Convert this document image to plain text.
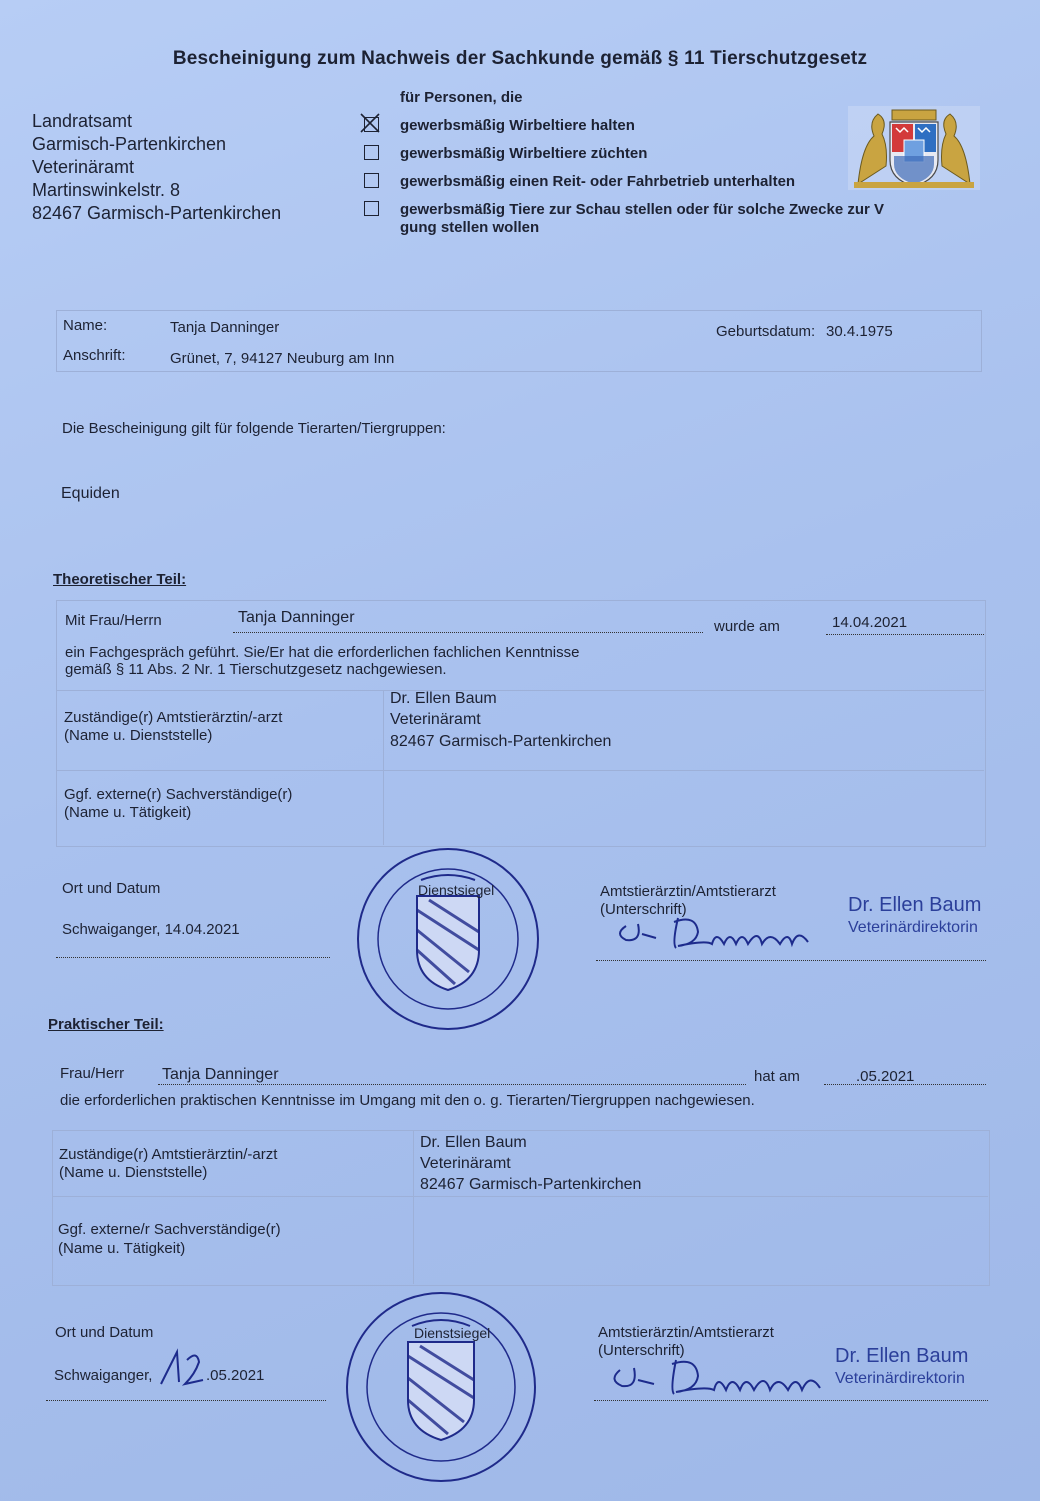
Bescheinigung zum Nachweis der Sachkunde gemäß § 11 Tierschutzgesetz
Landratsamt
Garmisch-Partenkirchen
Veterinäramt
Martinswinkelstr. 8
82467 Garmisch-Partenkirchen
für Personen, die
gewerbsmäßig Wirbeltiere halten
gewerbsmäßig Wirbeltiere züchten
gewerbsmäßig einen Reit- oder Fahrbetrieb unterhalten
gewerbsmäßig Tiere zur Schau stellen oder für solche Zwecke zur V
gung stellen wollen
Name:	Tanja Danninger	Geburtsdatum: 30.4.1975
Anschrift:	Grünet, 7, 94127 Neuburg am Inn
Die Bescheinigung gilt für folgende Tierarten/Tiergruppen:
Equiden
Theoretischer Teil:
Mit Frau/Herrn	Tanja Danninger
wurde am	14.04.2021
ein Fachgespräch geführt. Sie/Er hat die erforderlichen fachlichen Kenntnisse
gemäß § 11 Abs. 2 Nr. 1 Tierschutzgesetz nachgewiesen.
Zuständige(r) Amtstierärztin/-arzt
(Name u. Dienststelle)
Dr. Ellen Baum
Veterinäramt
82467 Garmisch-Partenkirchen
Ggf. externe(r) Sachverständige(r)
(Name u. Tätigkeit)
Ort und Datum
Schwaiganger, 14.04.2021
Dienstsiegel	Amtstierärztin/Amtstierarzt
(Unterschrift)	Dr. Ellen Baum
Veterinärdirektorin
Praktischer Teil:
Frau/Herr Tanja Danninger	hat am	.05.2021
die erforderlichen praktischen Kenntnisse im Umgang mit den o. g. Tierarten/Tiergruppen nachgewiesen.
Zuständige(r) Amtstierärztin/-arzt
(Name u. Dienststelle)
Dr. Ellen Baum
Veterinäramt
82467 Garmisch-Partenkirchen
Ggf. externe/r Sachverständige(r)
(Name u. Tätigkeit)
Ort und Datum
Schwaiganger,	.05.2021
Dienstsiegel	Amtstierärztin/Amtstierarzt
(Unterschrift)	Dr. Ellen Baum
Veterinärdirektorin
